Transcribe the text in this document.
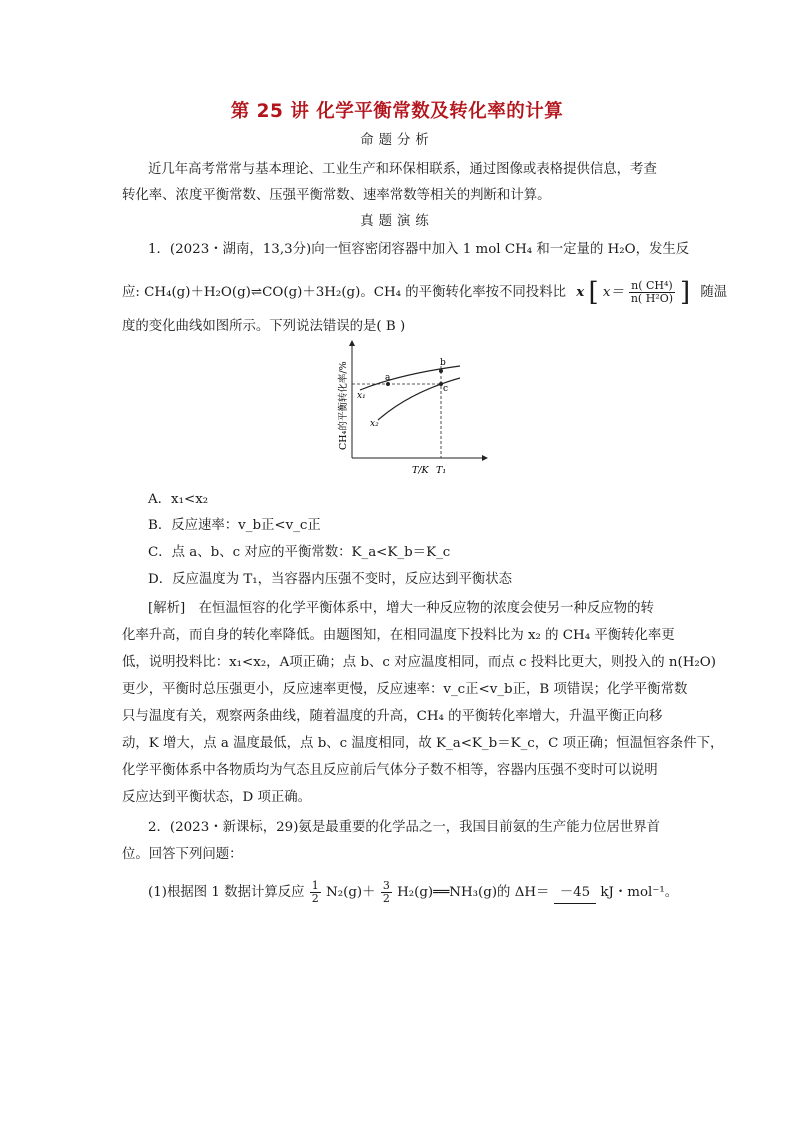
第 25 讲 化学平衡常数及转化率的计算
命题分析
近几年高考常常与基本理论、工业生产和环保相联系，通过图像或表格提供信息，考查
转化率、浓度平衡常数、压强平衡常数、速率常数等相关的判断和计算。
真题演练
1．(2023・湖南，13,3分)向一恒容密闭容器中加入 1 mol CH₄ 和一定量的 H₂O，发生反
应: CH₄(g)＋H₂O(g)⇌CO(g)＋3H₂(g)。CH₄ 的平衡转化率按不同投料比 x [ $x= \frac{\text{n( CH⁴)}}{\text{n( H²O)}}$ ] 随温
度的变化曲线如图所示。下列说法错误的是( B )
a
b
c
x₁
x₂
CH₄的平衡转化率/%
T/K T₁
A．x₁<x₂
B．反应速率：v_b正<v_c正
C．点 a、b、c 对应的平衡常数：K_a<K_b＝K_c
D．反应温度为 T₁，当容器内压强不变时，反应达到平衡状态
[解析]　在恒温恒容的化学平衡体系中，增大一种反应物的浓度会使另一种反应物的转
化率升高，而自身的转化率降低。由题图知，在相同温度下投料比为 x₂ 的 CH₄ 平衡转化率更
低，说明投料比：x₁<x₂，A项正确；点 b、c 对应温度相同，而点 c 投料比更大，则投入的 n(H₂O)
更少，平衡时总压强更小，反应速率更慢，反应速率：v_c正<v_b正，B 项错误；化学平衡常数
只与温度有关，观察两条曲线，随着温度的升高，CH₄ 的平衡转化率增大，升温平衡正向移
动，K 增大，点 a 温度最低，点 b、c 温度相同，故 K_a<K_b＝K_c，C 项正确；恒温恒容条件下，
化学平衡体系中各物质均为气态且反应前后气体分子数不相等，容器内压强不变时可以说明
反应达到平衡状态，D 项正确。
2．(2023・新课标，29)氨是最重要的化学品之一，我国目前氨的生产能力位居世界首
位。回答下列问题：
(1)根据图 1 数据计算反应 $\frac{1}{2} N_2(g)+ \frac{3}{2}$ H₂(g)══NH₃(g)的 ΔH＝ －45 kJ・mol⁻¹。
